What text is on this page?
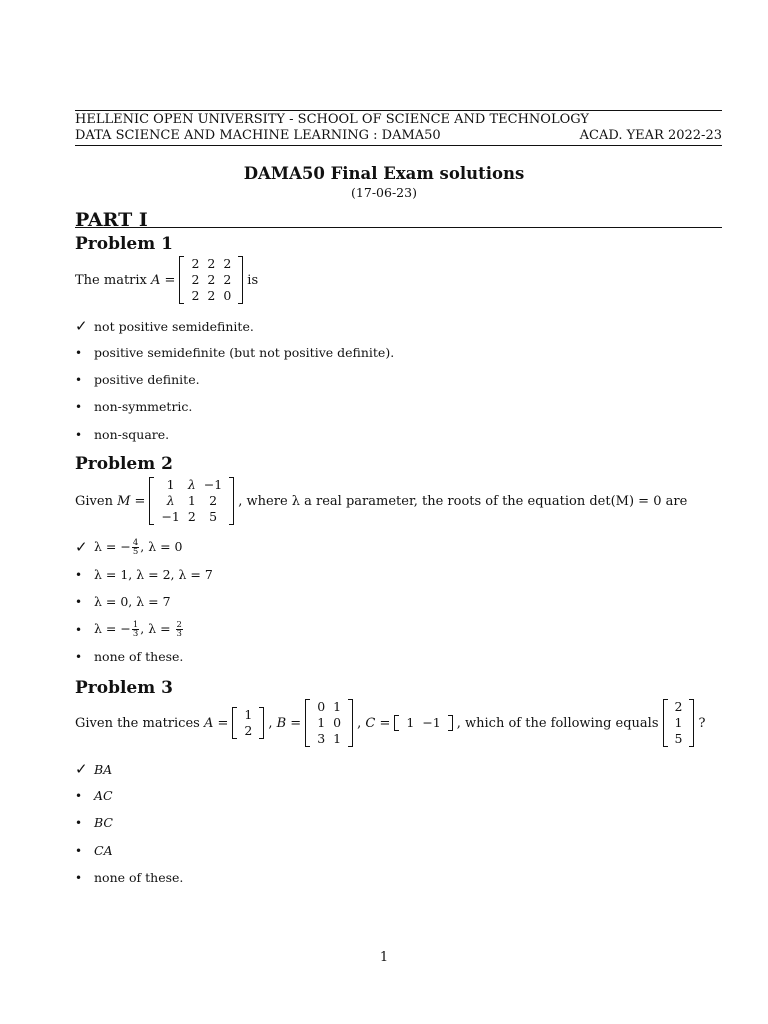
HELLENIC OPEN UNIVERSITY - SCHOOL OF SCIENCE AND TECHNOLOGY
DATA SCIENCE AND MACHINE LEARNING : DAMA50	ACAD. YEAR 2022-23
DAMA50 Final Exam solutions
(17-06-23)
PART I
Problem 1
The matrix
A =
2 2 2
2 2 2
2 2 0
is
✓ not positive semidefinite.
• positive semidefinite (but not positive definite).
• positive definite.
• non-symmetric.
• non-square.
Problem 2
Given
M =
1	λ −1
λ	1	2
−1 2	5
, where λ a real parameter, the roots of the equation det(M) = 0 are
✓ λ = − $\frac{4}{5}$ , λ = 0
• λ = 1, λ = 2, λ = 7
• λ = 0, λ = 7
• λ = − $\frac{1}{3}$ , $\lambda = \frac{2}{3}$
• none of these.
Problem 3
Given the matrices
A =
1
2	, B =
0 1
1 0
3 1
, C =	1 −1	, which of the following equals
2
1
5
?
✓ BA
• AC
• BC
• CA
• none of these.
1
